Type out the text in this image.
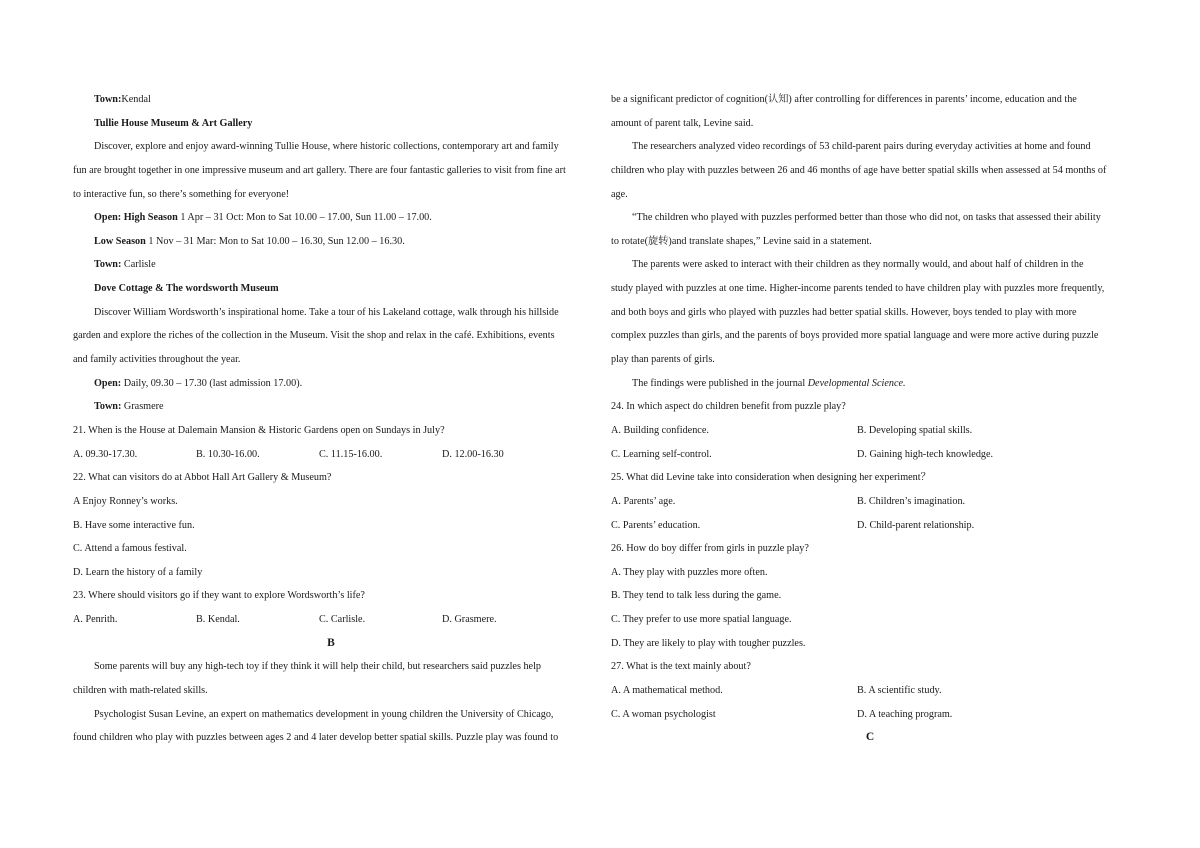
Town:Kendal
Tullie House Museum & Art Gallery
Discover, explore and enjoy award-winning Tullie House, where historic collections, contemporary art and family
fun are brought together in one impressive museum and art gallery. There are four fantastic galleries to visit from fine art
to interactive fun, so there’s something for everyone!
Open: High Season 1 Apr – 31 Oct: Mon to Sat 10.00 – 17.00, Sun 11.00 – 17.00.
Low Season 1 Nov – 31 Mar: Mon to Sat 10.00 – 16.30, Sun 12.00 – 16.30.
Town: Carlisle
Dove Cottage & The wordsworth Museum
Discover William Wordsworth’s inspirational home. Take a tour of his Lakeland cottage, walk through his hillside
garden and explore the riches of the collection in the Museum. Visit the shop and relax in the café. Exhibitions, events
and family activities throughout the year.
Open: Daily, 09.30 – 17.30 (last admission 17.00).
Town: Grasmere
21. When is the House at Dalemain Mansion & Historic Gardens open on Sundays in July?
A. 09.30-17.30.	B. 10.30-16.00.	C. 11.15-16.00.	D. 12.00-16.30
22. What can visitors do at Abbot Hall Art Gallery & Museum?
A Enjoy Ronney’s works.
B. Have some interactive fun.
C. Attend a famous festival.
D. Learn the history of a family
23. Where should visitors go if they want to explore Wordsworth’s life?
A. Penrith.	B. Kendal.	C. Carlisle.	D. Grasmere.
B
Some parents will buy any high-tech toy if they think it will help their child, but researchers said puzzles help
children with math-related skills.
Psychologist Susan Levine, an expert on mathematics development in young children the University of Chicago,
found children who play with puzzles between ages 2 and 4 later develop better spatial skills. Puzzle play was found to
be a significant predictor of cognition(认知) after controlling for differences in parents’ income, education and the
amount of parent talk, Levine said.
The researchers analyzed video recordings of 53 child-parent pairs during everyday activities at home and found
children who play with puzzles between 26 and 46 months of age have better spatial skills when assessed at 54 months of
age.
“The children who played with puzzles performed better than those who did not, on tasks that assessed their ability
to rotate(旋转)and translate shapes,” Levine said in a statement.
The parents were asked to interact with their children as they normally would, and about half of children in the
study played with puzzles at one time. Higher-income parents tended to have children play with puzzles more frequently,
and both boys and girls who played with puzzles had better spatial skills. However, boys tended to play with more
complex puzzles than girls, and the parents of boys provided more spatial language and were more active during puzzle
play than parents of girls.
The findings were published in the journal Developmental Science.
24. In which aspect do children benefit from puzzle play?
A. Building confidence.	B. Developing spatial skills.
C. Learning self-control.	D. Gaining high-tech knowledge.
25. What did Levine take into consideration when designing her experiment？
A. Parents’ age.	B. Children’s imagination.
C. Parents’ education.	D. Child-parent relationship.
26. How do boy differ from girls in puzzle play?
A. They play with puzzles more often.
B. They tend to talk less during the game.
C. They prefer to use more spatial language.
D. They are likely to play with tougher puzzles.
27. What is the text mainly about?
A. A mathematical method.	B. A scientific study.
C. A woman psychologist	D. A teaching program.
C
